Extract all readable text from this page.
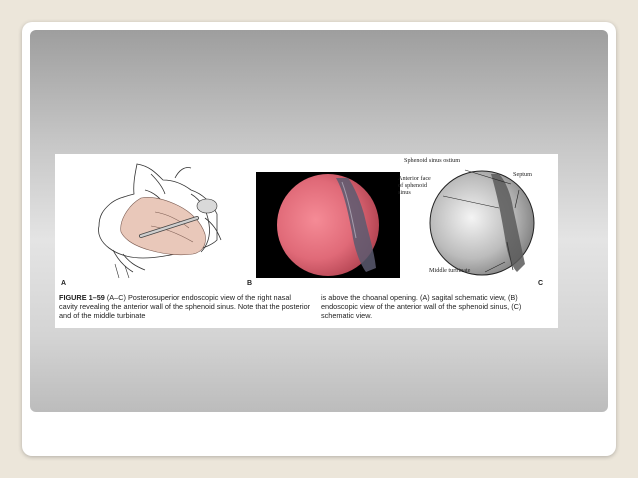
A	B
Sphenoid sinus ostium
Septum
Anterior face
of sphenoid
sinus
Middle turbinate
C
FIGURE 1–59 (A–C) Posterosuperior endoscopic view of the right nasal cavity revealing the anterior wall of the sphenoid sinus. Note that the posterior and of the middle turbinate
is above the choanal opening. (A) sagital schematic view, (B) endoscopic view of the anterior wall of the sphenoid sinus, (C) schematic view.
